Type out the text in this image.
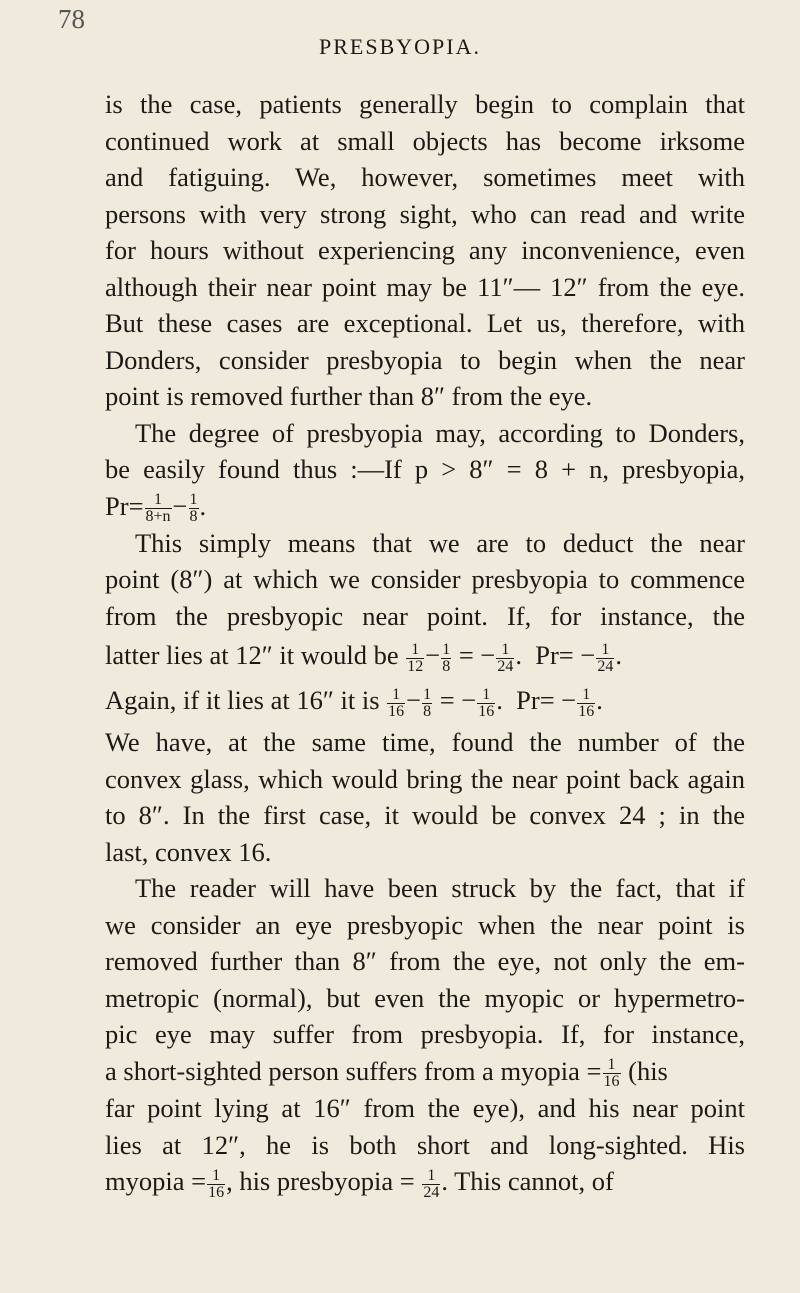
78
PRESBYOPIA.
is the case, patients generally begin to complain that
continued work at small objects has become irksome
and fatiguing. We, however, sometimes meet with
persons with very strong sight, who can read and write
for hours without experiencing any inconvenience, even
although their near point may be 11″— 12″ from the eye.
But these cases are exceptional. Let us, therefore, with
Donders, consider presbyopia to begin when the near
point is removed further than 8″ from the eye.
The degree of presbyopia may, according to Donders,
be easily found thus :—If p > 8″ = 8 + n, presbyopia,
$Pr= \frac{1}{8+n} - \frac{1}{8}$ .
This simply means that we are to deduct the near
point (8″) at which we consider presbyopia to commence
from the presbyopic near point. If, for instance, the
latter lies at 12″ it would be $\frac{1}{12} - \frac{1}{8}$ = − $\frac{1}{24}$ .  $Pr= - \frac{1}{24}$ .
Again, if it lies at 16″ it is $\frac{1}{16} - \frac{1}{8}$ = − $\frac{1}{16}$ .  $Pr= - \frac{1}{16}$ .
We have, at the same time, found the number of the
convex glass, which would bring the near point back again
to 8″. In the first case, it would be convex 24 ; in the
last, convex 16.
The reader will have been struck by the fact, that if
we consider an eye presbyopic when the near point is
removed further than 8″ from the eye, not only the em-
metropic (normal), but even the myopic or hypermetro-
pic eye may suffer from presbyopia. If, for instance,
a short-sighted person suffers from a myopia = $\frac{1}{16} (his$
far point lying at 16″ from the eye), and his near point
lies at 12″, he is both short and long-sighted. His
myopia = $\frac{1}{16}$ , his presbyopia = $\frac{1}{24}$ . This cannot, of
